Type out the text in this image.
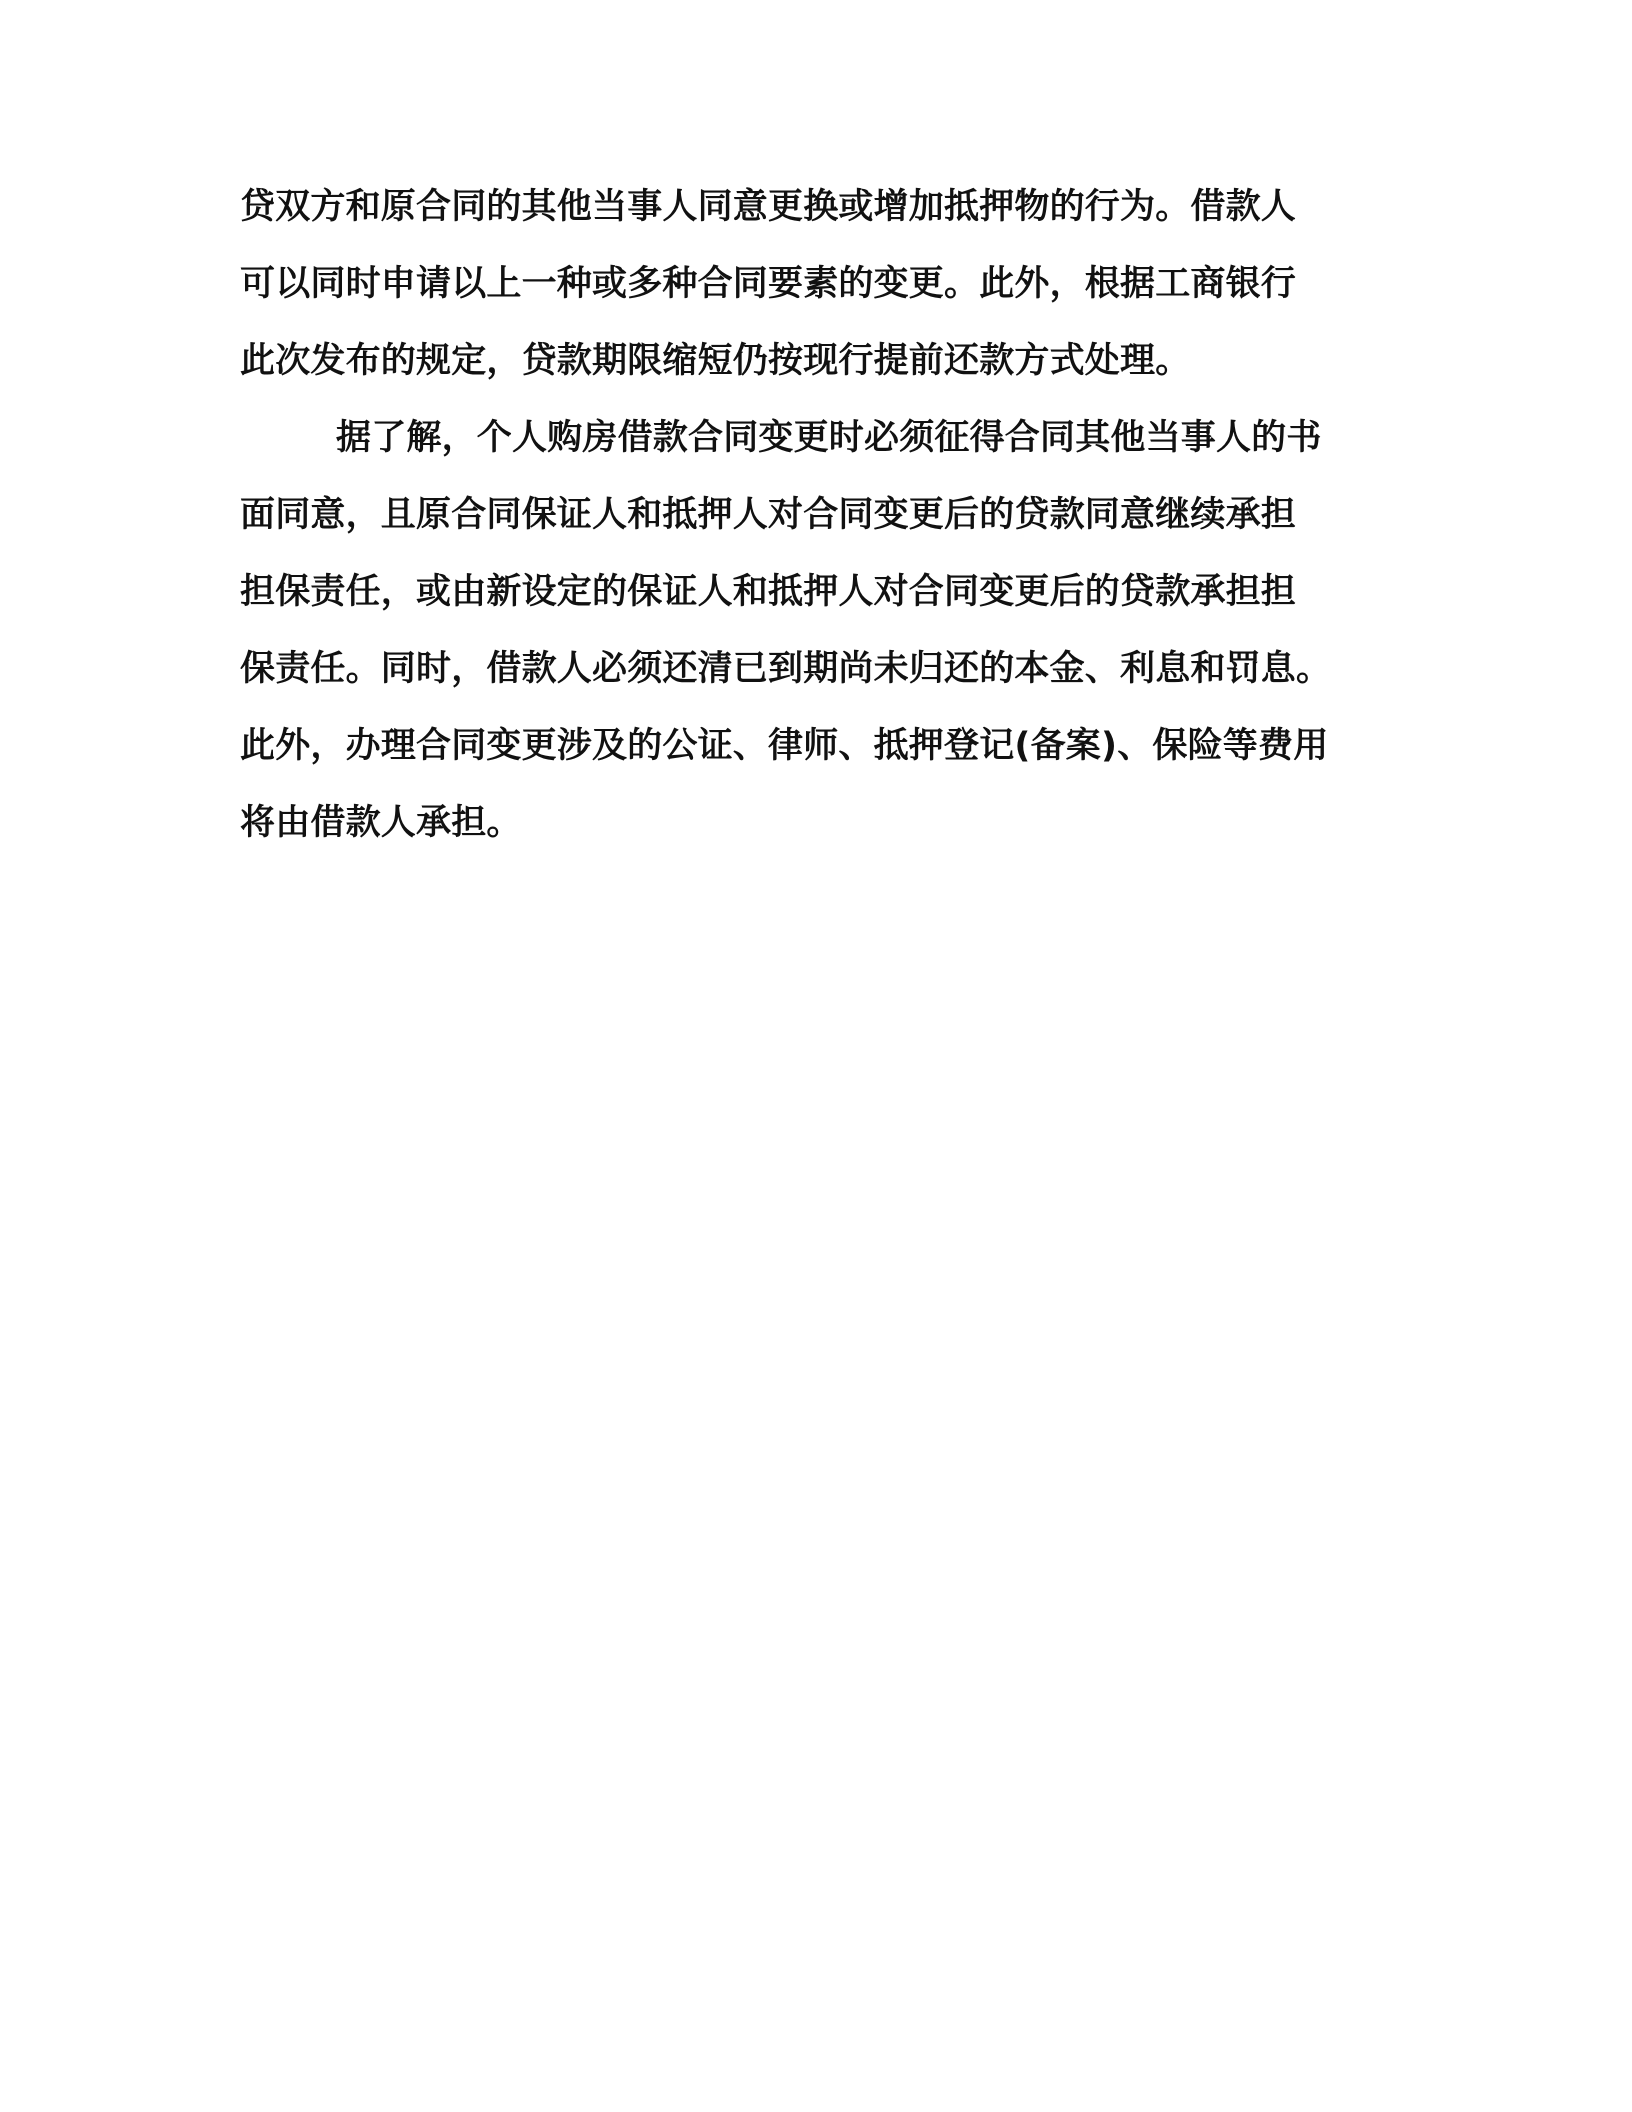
贷双方和原合同的其他当事人同意更换或增加抵押物的行为。借款人
可以同时申请以上一种或多种合同要素的变更。此外，根据工商银行
此次发布的规定，贷款期限缩短仍按现行提前还款方式处理。
据了解，个人购房借款合同变更时必须征得合同其他当事人的书
面同意，且原合同保证人和抵押人对合同变更后的贷款同意继续承担
担保责任，或由新设定的保证人和抵押人对合同变更后的贷款承担担
保责任。同时，借款人必须还清已到期尚未归还的本金、利息和罚息。
此外，办理合同变更涉及的公证、律师、抵押登记(备案)、保险等费用
将由借款人承担。
